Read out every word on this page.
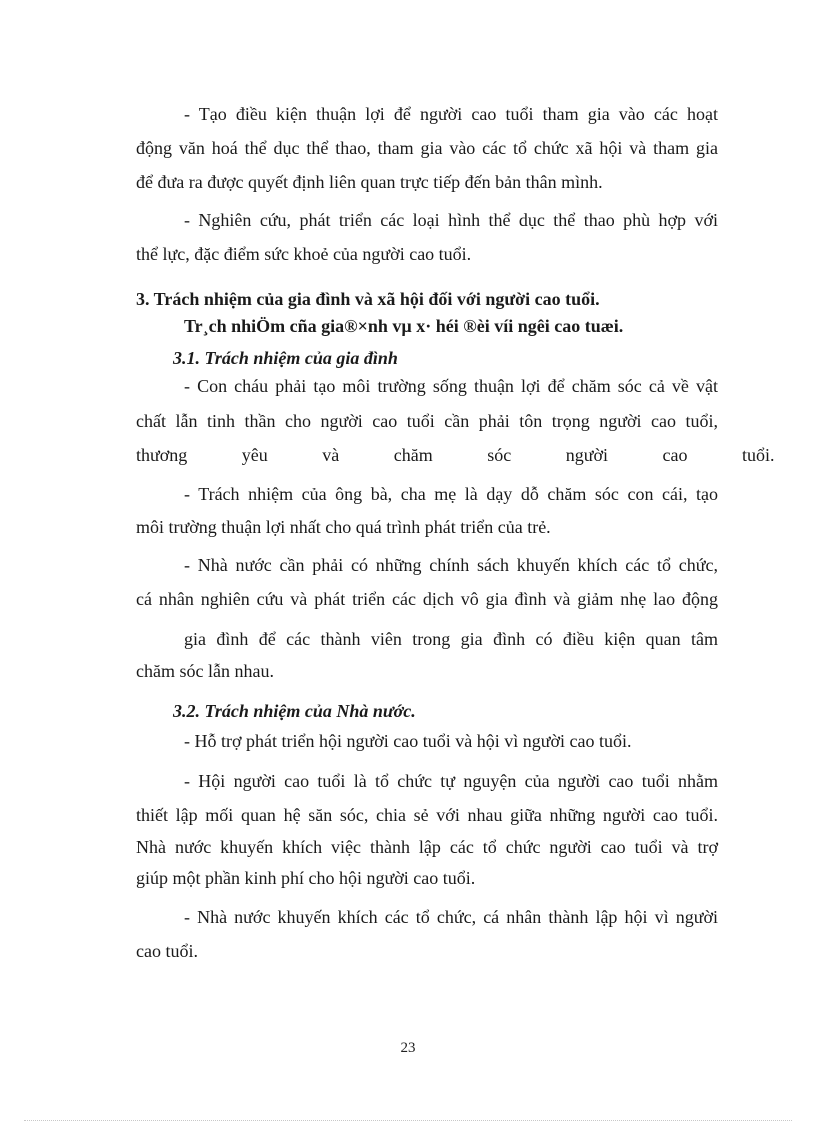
- Tạo điều kiện thuận lợi để người cao tuổi tham gia vào các hoạt
động văn hoá thể dục thể thao, tham gia vào các tổ chức xã hội và tham gia
để đưa ra được quyết định liên quan trực tiếp đến bản thân mình.
- Nghiên cứu, phát triển các loại hình thể dục thể thao phù hợp với
thể lực, đặc điểm sức khoẻ của người cao tuổi.
3. Trách nhiệm của gia đình và xã hội đối với người cao tuổi.
Tr¸ch nhiÖm cña gia®×nh vµ x· héi ®èi víi ngêi cao tuæi.
3.1. Trách nhiệm của gia đình
- Con cháu phải tạo môi trường sống thuận lợi để chăm sóc cả về vật
chất lẫn tinh thần cho người cao tuổi cần phải tôn trọng người cao tuổi,
thương yêu và chăm sóc người cao tuổi.
- Trách nhiệm của ông bà, cha mẹ là dạy dỗ chăm sóc con cái, tạo
môi trường thuận lợi nhất cho quá trình phát triển của trẻ.
- Nhà nước cần phải có những chính sách khuyến khích các tổ chức,
cá nhân nghiên cứu và phát triển các dịch vô gia đình và giảm nhẹ lao động
gia đình để các thành viên trong gia đình có điều kiện quan tâm
chăm sóc lẫn nhau.
3.2. Trách nhiệm của Nhà nước.
- Hỗ trợ phát triển hội người cao tuổi và hội vì người cao tuổi.
- Hội người cao tuổi là tổ chức tự nguyện của người cao tuổi nhằm
thiết lập mối quan hệ săn sóc, chia sẻ với nhau giữa những người cao tuổi.
Nhà nước khuyến khích việc thành lập các tổ chức người cao tuổi và trợ
giúp một phần kinh phí cho hội người cao tuổi.
- Nhà nước khuyến khích các tổ chức, cá nhân thành lập hội vì người
cao tuổi.
23
